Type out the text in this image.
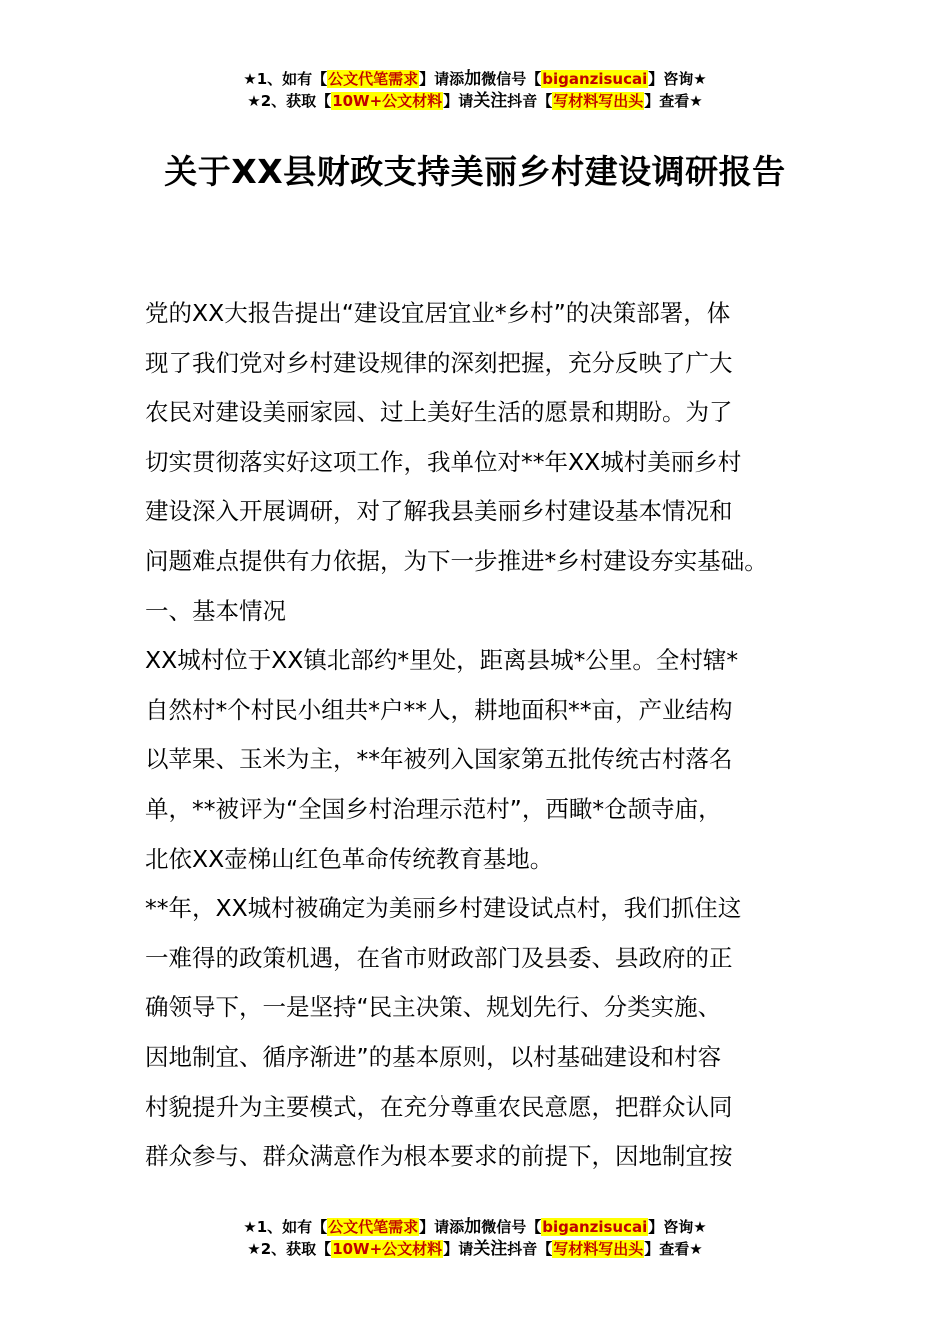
★1、如有【公文代笔需求】请添加微信号【biganzisucai】咨询★
★2、获取【10W+公文材料】请关注抖音【写材料写出头】查看★
关于XX县财政支持美丽乡村建设调研报告

党的XX大报告提出“建设宜居宜业*乡村”的决策部署，体

现了我们党对乡村建设规律的深刻把握，充分反映了广大

农民对建设美丽家园、过上美好生活的愿景和期盼。为了

切实贯彻落实好这项工作，我单位对**年XX城村美丽乡村

建设深入开展调研，对了解我县美丽乡村建设基本情况和

问题难点提供有力依据，为下一步推进*乡村建设夯实基础。

一、基本情况

XX城村位于XX镇北部约*里处，距离县城*公里。全村辖*

自然村*个村民小组共*户**人，耕地面积**亩，产业结构

以苹果、玉米为主，**年被列入国家第五批传统古村落名

单，**被评为“全国乡村治理示范村”，西瞰*仓颉寺庙，

北依XX壶梯山红色革命传统教育基地。

**年，XX城村被确定为美丽乡村建设试点村，我们抓住这

一难得的政策机遇，在省市财政部门及县委、县政府的正

确领导下，一是坚持“民主决策、规划先行、分类实施、

因地制宜、循序渐进”的基本原则，以村基础建设和村容

村貌提升为主要模式，在充分尊重农民意愿，把群众认同

群众参与、群众满意作为根本要求的前提下，因地制宜按

★1、如有【公文代笔需求】请添加微信号【biganzisucai】咨询★
★2、获取【10W+公文材料】请关注抖音【写材料写出头】查看★
